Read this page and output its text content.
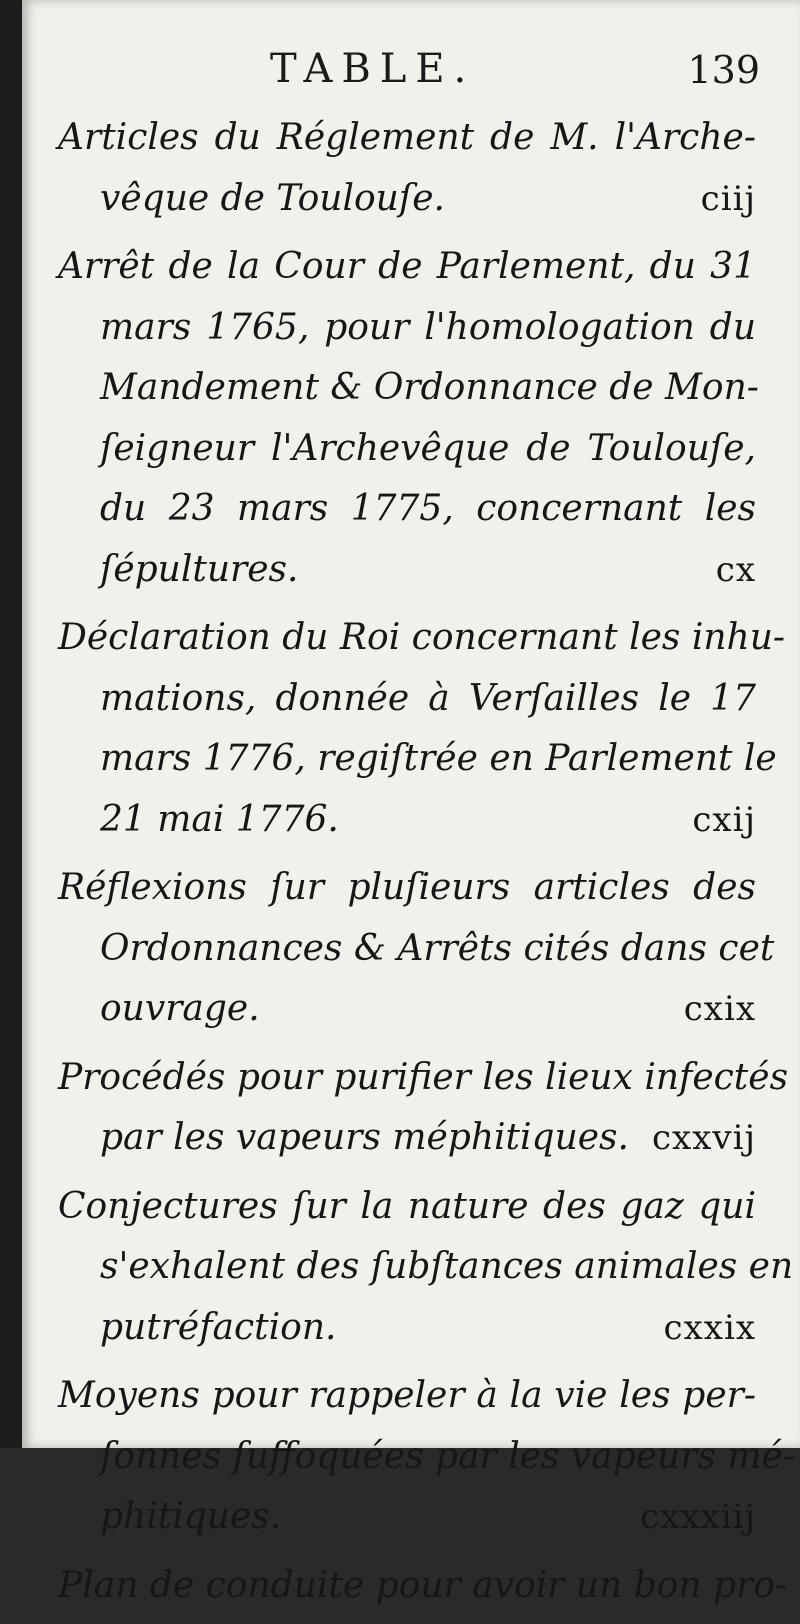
TABLE.	139
Articles du Réglement de M. l'Arche-
vêque de Toulouſe.	ciij
Arrêt de la Cour de Parlement, du 31
mars 1765, pour l'homologation du
Mandement & Ordonnance de Mon-
ſeigneur l'Archevêque de Toulouſe,
du 23 mars 1775, concernant les
ſépultures.	cx
Déclaration du Roi concernant les inhu-
mations, donnée à Verſailles le 17
mars 1776, regiſtrée en Parlement le
21 mai 1776.	cxij
Réflexions ſur pluſieurs articles des
Ordonnances & Arrêts cités dans cet
ouvrage.	cxix
Procédés pour purifier les lieux infectés
par les vapeurs méphitiques. cxxvij
Conjectures ſur la nature des gaz qui
s'exhalent des ſubſtances animales en
putréfaction.	cxxix
Moyens pour rappeler à la vie les per-
ſonnes ſuffoquées par les vapeurs mé-
phitiques.	cxxxiij
Plan de conduite pour avoir un bon pro-
